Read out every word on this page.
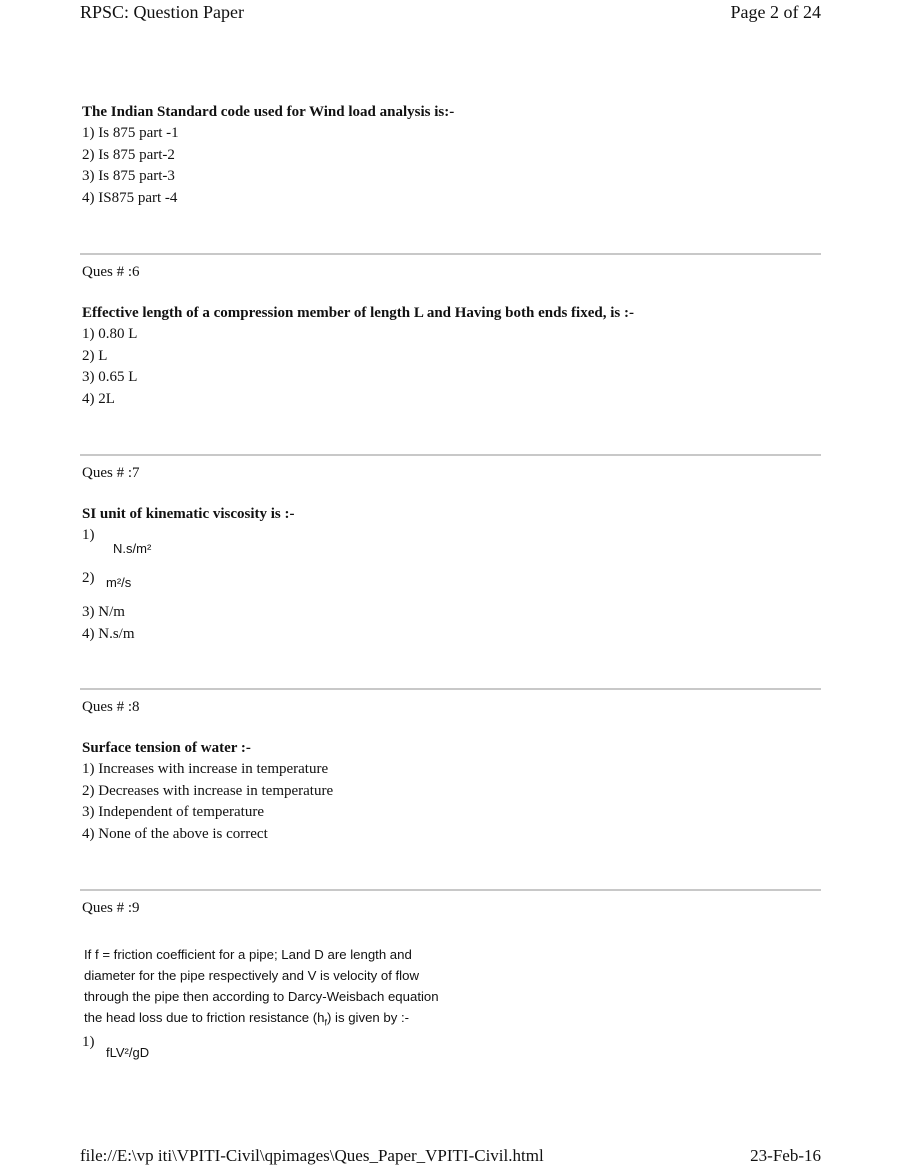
RPSC: Question Paper	Page 2 of 24
The Indian Standard code used for Wind load analysis is:-
1) Is 875 part -1
2) Is 875 part-2
3) Is 875 part-3
4) IS875 part -4
Ques # :6
Effective length of a compression member of length L and Having both ends fixed, is :-
1) 0.80 L
2) L
3) 0.65 L
4) 2L
Ques # :7
SI unit of kinematic viscosity is :-
1)
N.s/m²
2) m²/s
3) N/m
4) N.s/m
Ques # :8
Surface tension of water :-
1) Increases with increase in temperature
2) Decreases with increase in temperature
3) Independent of temperature
4) None of the above is correct
Ques # :9
If f = friction coefficient for a pipe; Land D are length and
diameter for the pipe respectively and V is velocity of flow
through the pipe then according to Darcy-Weisbach equation
the head loss due to friction resistance $(h_f)$ is given by :-
1)
fLV²/gD
file://E:\vp iti\VPITI-Civil\qpimages\Ques_Paper_VPITI-Civil.html	23-Feb-16
